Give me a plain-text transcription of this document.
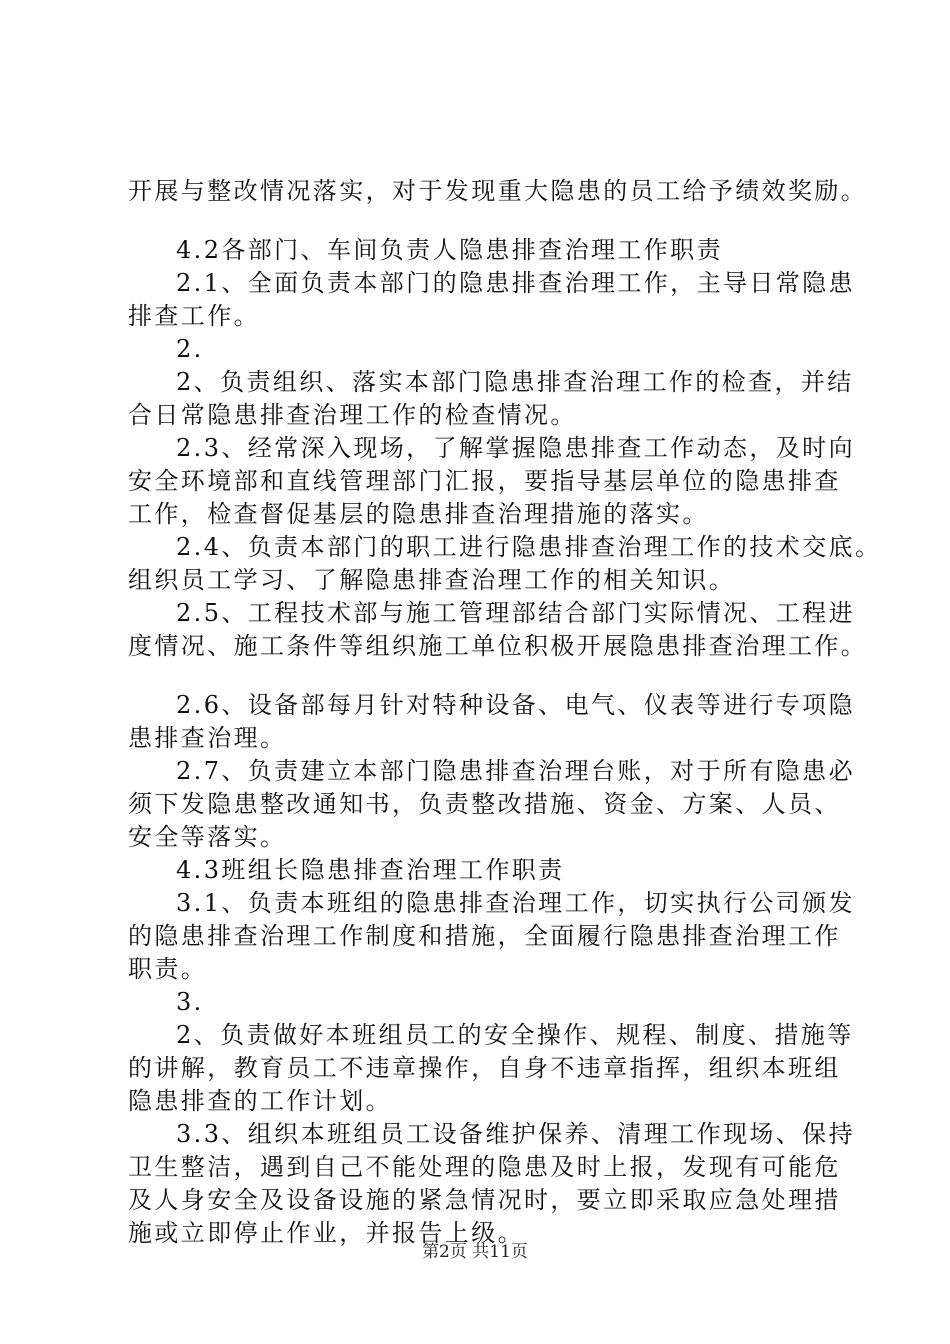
开展与整改情况落实，对于发现重大隐患的员工给予绩效奖励。
4.2各部门、车间负责人隐患排查治理工作职责
2.1、全面负责本部门的隐患排查治理工作，主导日常隐患
排查工作。
2.
2、负责组织、落实本部门隐患排查治理工作的检查，并结
合日常隐患排查治理工作的检查情况。
2.3、经常深入现场，了解掌握隐患排查工作动态，及时向
安全环境部和直线管理部门汇报，要指导基层单位的隐患排查
工作，检查督促基层的隐患排查治理措施的落实。
2.4、负责本部门的职工进行隐患排查治理工作的技术交底。
组织员工学习、了解隐患排查治理工作的相关知识。
2.5、工程技术部与施工管理部结合部门实际情况、工程进
度情况、施工条件等组织施工单位积极开展隐患排查治理工作。
2.6、设备部每月针对特种设备、电气、仪表等进行专项隐
患排查治理。
2.7、负责建立本部门隐患排查治理台账，对于所有隐患必
须下发隐患整改通知书，负责整改措施、资金、方案、人员、
安全等落实。
4.3班组长隐患排查治理工作职责
3.1、负责本班组的隐患排查治理工作，切实执行公司颁发
的隐患排查治理工作制度和措施，全面履行隐患排查治理工作
职责。
3.
2、负责做好本班组员工的安全操作、规程、制度、措施等
的讲解，教育员工不违章操作，自身不违章指挥，组织本班组
隐患排查的工作计划。
3.3、组织本班组员工设备维护保养、清理工作现场、保持
卫生整洁，遇到自己不能处理的隐患及时上报，发现有可能危
及人身安全及设备设施的紧急情况时，要立即采取应急处理措
施或立即停止作业，并报告上级。
第2页 共11页
